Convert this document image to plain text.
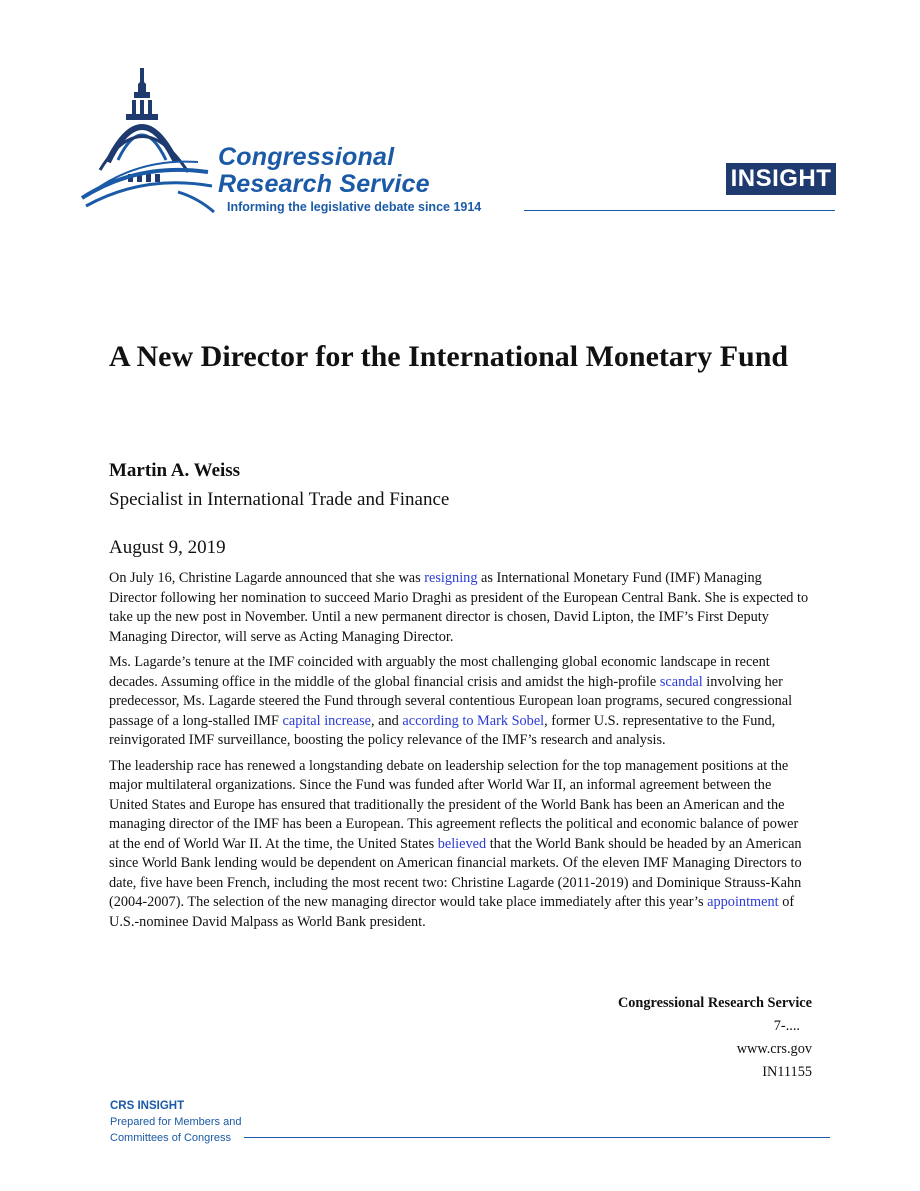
Congressional
Research Service
Informing the legislative debate since 1914
INSIGHT
A New Director for the International Monetary Fund
Martin A. Weiss
Specialist in International Trade and Finance
August 9, 2019

On July 16, Christine Lagarde announced that she was resigning as International Monetary Fund (IMF) Managing Director following her nomination to succeed Mario Draghi as president of the European Central Bank. She is expected to take up the new post in November. Until a new permanent director is chosen, David Lipton, the IMF’s First Deputy Managing Director, will serve as Acting Managing Director.

Ms. Lagarde’s tenure at the IMF coincided with arguably the most challenging global economic landscape in recent decades. Assuming office in the middle of the global financial crisis and amidst the high-profile scandal involving her predecessor, Ms. Lagarde steered the Fund through several contentious European loan programs, secured congressional passage of a long-stalled IMF capital increase, and according to Mark Sobel, former U.S. representative to the Fund, reinvigorated IMF surveillance, boosting the policy relevance of the IMF’s research and analysis.

The leadership race has renewed a longstanding debate on leadership selection for the top management positions at the major multilateral organizations. Since the Fund was funded after World War II, an informal agreement between the United States and Europe has ensured that traditionally the president of the World Bank has been an American and the managing director of the IMF has been a European. This agreement reflects the political and economic balance of power at the end of World War II. At the time, the United States believed that the World Bank should be headed by an American since World Bank lending would be dependent on American financial markets. Of the eleven IMF Managing Directors to date, five have been French, including the most recent two: Christine Lagarde (2011-2019) and Dominique Strauss-Kahn (2004-2007). The selection of the new managing director would take place immediately after this year’s appointment of U.S.-nominee David Malpass as World Bank president.

Congressional Research Service
7-....
www.crs.gov
IN11155
CRS INSIGHT
Prepared for Members and
Committees of Congress
